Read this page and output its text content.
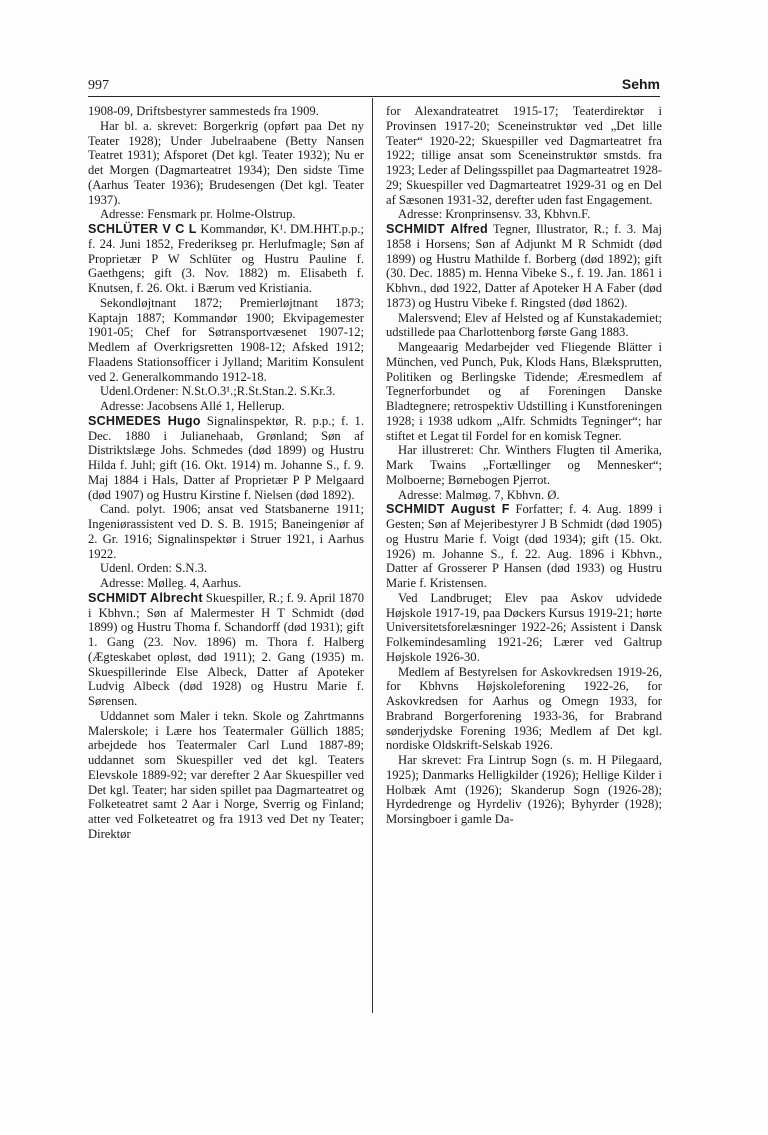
997	Sehm

1908-09, Driftsbestyrer sammesteds fra 1909.

Har bl. a. skrevet: Borgerkrig (opført paa Det ny Teater 1928); Under Jubelraabene (Betty Nansen Teatret 1931); Afsporet (Det kgl. Teater 1932); Nu er det Morgen (Dagmarteatret 1934); Den sidste Time (Aarhus Teater 1936); Brudesengen (Det kgl. Teater 1937).

Adresse: Fensmark pr. Holme-Olstrup.

SCHLÜTER V C L Kommandør, K¹. DM.HHT.p.p.; f. 24. Juni 1852, Frederikseg pr. Herlufmagle; Søn af Proprietær P W Schlüter og Hustru Pauline f. Gaethgens; gift (3. Nov. 1882) m. Elisabeth f. Knutsen, f. 26. Okt. i Bærum ved Kristiania.

Sekondløjtnant 1872; Premierløjtnant 1873; Kaptajn 1887; Kommandør 1900; Ekvipagemester 1901-05; Chef for Søtransportvæsenet 1907-12; Medlem af Overkrigsretten 1908-12; Afsked 1912; Flaadens Stationsofficer i Jylland; Maritim Konsulent ved 2. Generalkommando 1912-18.

Udenl.Ordener: N.St.O.3¹.;R.St.Stan.2. S.Kr.3.

Adresse: Jacobsens Allé 1, Hellerup.

SCHMEDES Hugo Signalinspektør, R. p.p.; f. 1. Dec. 1880 i Julianehaab, Grønland; Søn af Distriktslæge Johs. Schmedes (død 1899) og Hustru Hilda f. Juhl; gift (16. Okt. 1914) m. Johanne S., f. 9. Maj 1884 i Hals, Datter af Proprietær P P Melgaard (død 1907) og Hustru Kirstine f. Nielsen (død 1892).

Cand. polyt. 1906; ansat ved Statsbanerne 1911; Ingeniørassistent ved D. S. B. 1915; Baneingeniør af 2. Gr. 1916; Signalinspektør i Struer 1921, i Aarhus 1922.

Udenl. Orden: S.N.3.

Adresse: Mølleg. 4, Aarhus.

SCHMIDT Albrecht Skuespiller, R.; f. 9. April 1870 i Kbhvn.; Søn af Malermester H T Schmidt (død 1899) og Hustru Thoma f. Schandorff (død 1931); gift 1. Gang (23. Nov. 1896) m. Thora f. Halberg (Ægteskabet opløst, død 1911); 2. Gang (1935) m. Skuespillerinde Else Albeck, Datter af Apoteker Ludvig Albeck (død 1928) og Hustru Marie f. Sørensen.

Uddannet som Maler i tekn. Skole og Zahrtmanns Malerskole; i Lære hos Teatermaler Güllich 1885; arbejdede hos Teatermaler Carl Lund 1887-89; uddannet som Skuespiller ved det kgl. Teaters Elevskole 1889-92; var derefter 2 Aar Skuespiller ved Det kgl. Teater; har siden spillet paa Dagmarteatret og Folketeatret samt 2 Aar i Norge, Sverrig og Finland; atter ved Folketeatret og fra 1913 ved Det ny Teater; Direktør

for Alexandrateatret 1915-17; Teaterdirektør i Provinsen 1917-20; Sceneinstruktør ved „Det lille Teater“ 1920-22; Skuespiller ved Dagmarteatret fra 1922; tillige ansat som Sceneinstruktør smstds. fra 1923; Leder af Delingsspillet paa Dagmarteatret 1928-29; Skuespiller ved Dagmarteatret 1929-31 og en Del af Sæsonen 1931-32, derefter uden fast Engagement.

Adresse: Kronprinsensv. 33, Kbhvn.F.

SCHMIDT Alfred Tegner, Illustrator, R.; f. 3. Maj 1858 i Horsens; Søn af Adjunkt M R Schmidt (død 1899) og Hustru Mathilde f. Borberg (død 1892); gift (30. Dec. 1885) m. Henna Vibeke S., f. 19. Jan. 1861 i Kbhvn., død 1922, Datter af Apoteker H A Faber (død 1873) og Hustru Vibeke f. Ringsted (død 1862).

Malersvend; Elev af Helsted og af Kunstakademiet; udstillede paa Charlottenborg første Gang 1883.

Mangeaarig Medarbejder ved Fliegende Blätter i München, ved Punch, Puk, Klods Hans, Blæksprutten, Politiken og Berlingske Tidende; Æresmedlem af Tegnerforbundet og af Foreningen Danske Bladtegnere; retrospektiv Udstilling i Kunstforeningen 1928; i 1938 udkom „Alfr. Schmidts Tegninger“; har stiftet et Legat til Fordel for en komisk Tegner.

Har illustreret: Chr. Winthers Flugten til Amerika, Mark Twains „Fortællinger og Mennesker“; Molboerne; Børnebogen Pjerrot.

Adresse: Malmøg. 7, Kbhvn. Ø.

SCHMIDT August F Forfatter; f. 4. Aug. 1899 i Gesten; Søn af Mejeribestyrer J B Schmidt (død 1905) og Hustru Marie f. Voigt (død 1934); gift (15. Okt. 1926) m. Johanne S., f. 22. Aug. 1896 i Kbhvn., Datter af Grosserer P Hansen (død 1933) og Hustru Marie f. Kristensen.

Ved Landbruget; Elev paa Askov udvidede Højskole 1917-19, paa Døckers Kursus 1919-21; hørte Universitetsforelæsninger 1922-26; Assistent i Dansk Folkemindesamling 1921-26; Lærer ved Galtrup Højskole 1926-30.

Medlem af Bestyrelsen for Askovkredsen 1919-26, for Kbhvns Højskoleforening 1922-26, for Askovkredsen for Aarhus og Omegn 1933, for Brabrand Borgerforening 1933-36, for Brabrand sønderjydske Forening 1936; Medlem af Det kgl. nordiske Oldskrift-Selskab 1926.

Har skrevet: Fra Lintrup Sogn (s. m. H Pilegaard, 1925); Danmarks Helligkilder (1926); Hellige Kilder i Holbæk Amt (1926); Skanderup Sogn (1926-28); Hyrdedrenge og Hyrdeliv (1926); Byhyrder (1928); Morsingboer i gamle Da-
